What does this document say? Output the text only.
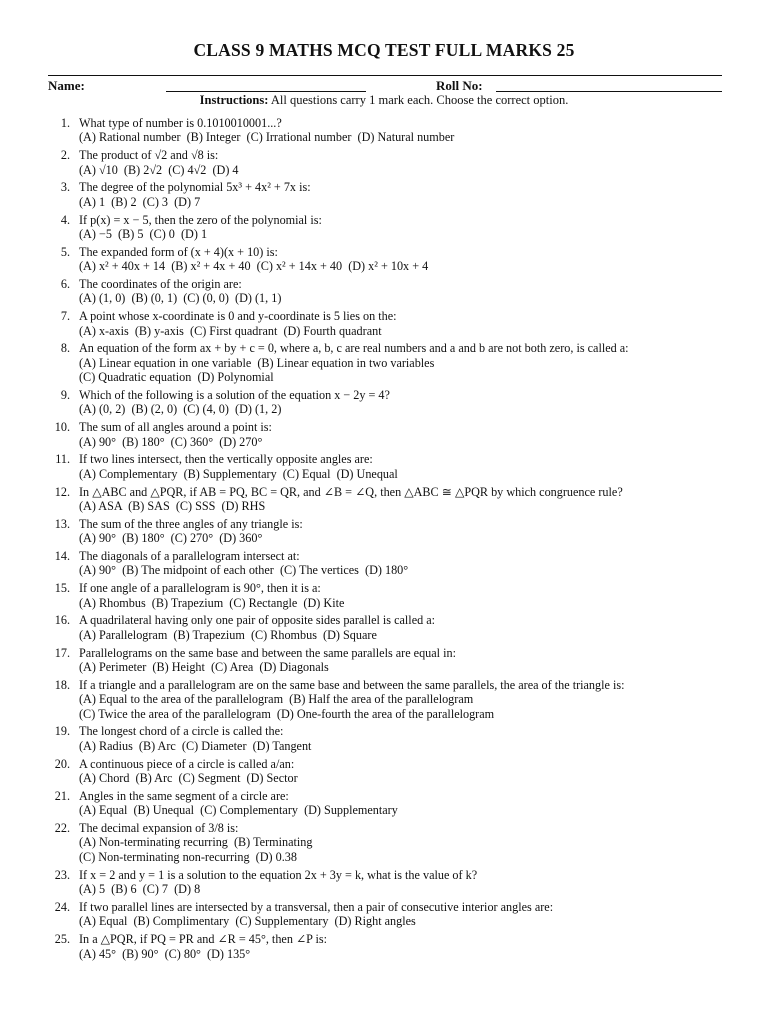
CLASS 9 MATHS MCQ TEST FULL MARKS 25
Name:	Roll No:
Instructions: All questions carry 1 mark each. Choose the correct option.
1. What type of number is 0.1010010001...?
(A) Rational number  (B) Integer  (C) Irrational number  (D) Natural number
2. The product of √2 and √8 is:
(A) √10  (B) 2√2  (C) 4√2  (D) 4
3. The degree of the polynomial 5x³ + 4x² + 7x is:
(A) 1  (B) 2  (C) 3  (D) 7
4. If p(x) = x − 5, then the zero of the polynomial is:
(A) −5  (B) 5  (C) 0  (D) 1
5. The expanded form of (x + 4)(x + 10) is:
(A) x² + 40x + 14  (B) x² + 4x + 40  (C) x² + 14x + 40  (D) x² + 10x + 4
6. The coordinates of the origin are:
(A) (1, 0)  (B) (0, 1)  (C) (0, 0)  (D) (1, 1)
7. A point whose x-coordinate is 0 and y-coordinate is 5 lies on the:
(A) x-axis  (B) y-axis  (C) First quadrant  (D) Fourth quadrant
8. An equation of the form ax + by + c = 0, where a, b, c are real numbers and a and b are not both zero, is called a:
(A) Linear equation in one variable  (B) Linear equation in two variables
(C) Quadratic equation  (D) Polynomial
9. Which of the following is a solution of the equation x − 2y = 4?
(A) (0, 2)  (B) (2, 0)  (C) (4, 0)  (D) (1, 2)
10. The sum of all angles around a point is:
(A) 90°  (B) 180°  (C) 360°  (D) 270°
11. If two lines intersect, then the vertically opposite angles are:
(A) Complementary  (B) Supplementary  (C) Equal  (D) Unequal
12. In △ABC and △PQR, if AB = PQ, BC = QR, and ∠B = ∠Q, then △ABC ≅ △PQR by which congruence rule?
(A) ASA  (B) SAS  (C) SSS  (D) RHS
13. The sum of the three angles of any triangle is:
(A) 90°  (B) 180°  (C) 270°  (D) 360°
14. The diagonals of a parallelogram intersect at:
(A) 90°  (B) The midpoint of each other  (C) The vertices  (D) 180°
15. If one angle of a parallelogram is 90°, then it is a:
(A) Rhombus  (B) Trapezium  (C) Rectangle  (D) Kite
16. A quadrilateral having only one pair of opposite sides parallel is called a:
(A) Parallelogram  (B) Trapezium  (C) Rhombus  (D) Square
17. Parallelograms on the same base and between the same parallels are equal in:
(A) Perimeter  (B) Height  (C) Area  (D) Diagonals
18. If a triangle and a parallelogram are on the same base and between the same parallels, the area of the triangle is:
(A) Equal to the area of the parallelogram  (B) Half the area of the parallelogram
(C) Twice the area of the parallelogram  (D) One-fourth the area of the parallelogram
19. The longest chord of a circle is called the:
(A) Radius  (B) Arc  (C) Diameter  (D) Tangent
20. A continuous piece of a circle is called a/an:
(A) Chord  (B) Arc  (C) Segment  (D) Sector
21. Angles in the same segment of a circle are:
(A) Equal  (B) Unequal  (C) Complementary  (D) Supplementary
22. The decimal expansion of 3/8 is:
(A) Non-terminating recurring  (B) Terminating
(C) Non-terminating non-recurring  (D) 0.38
23. If x = 2 and y = 1 is a solution to the equation 2x + 3y = k, what is the value of k?
(A) 5  (B) 6  (C) 7  (D) 8
24. If two parallel lines are intersected by a transversal, then a pair of consecutive interior angles are:
(A) Equal  (B) Complimentary  (C) Supplementary  (D) Right angles
25. In a △PQR, if PQ = PR and ∠R = 45°, then ∠P is:
(A) 45°  (B) 90°  (C) 80°  (D) 135°
